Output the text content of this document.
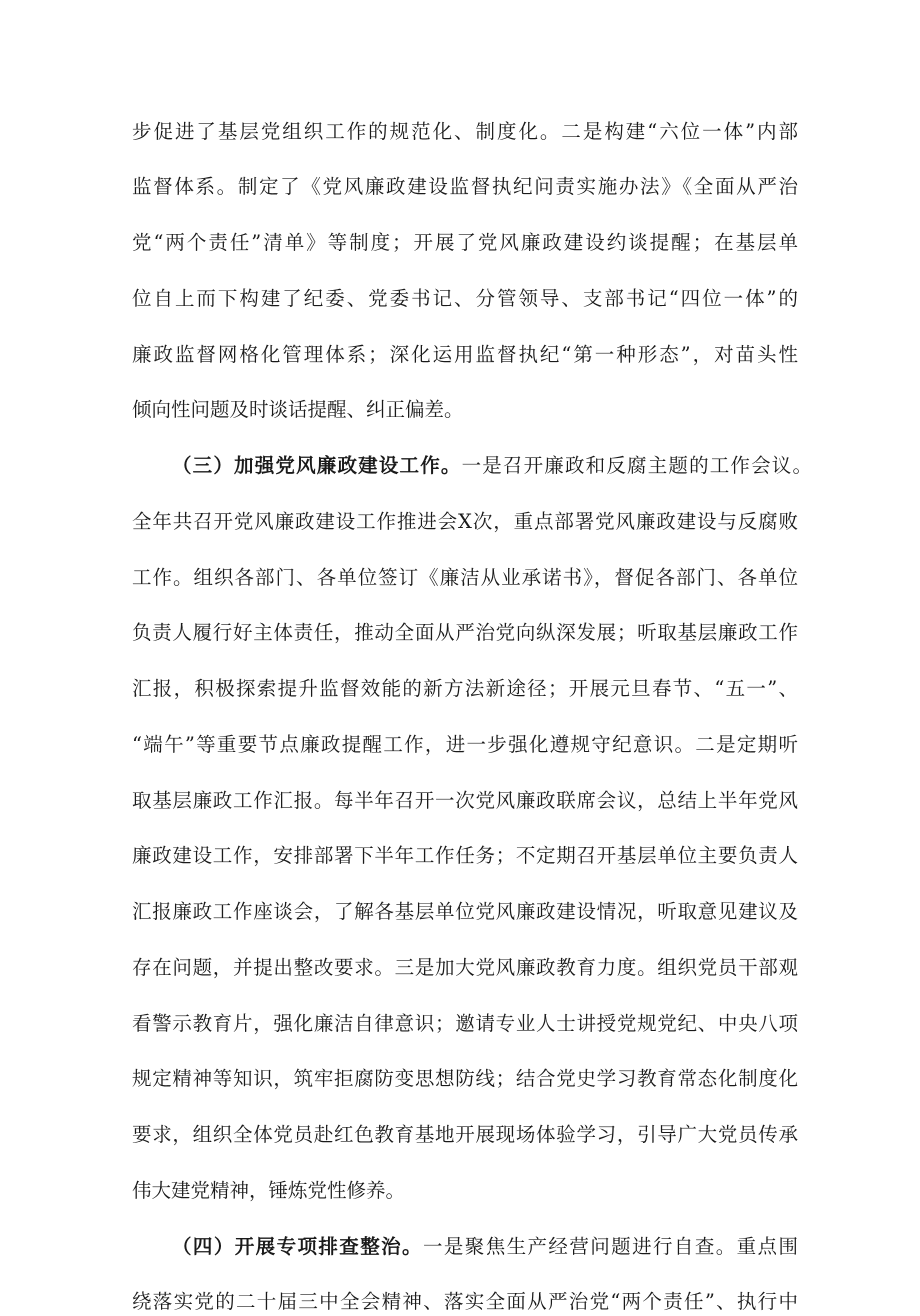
步促进了基层党组织工作的规范化、制度化。二是构建“六位一体”内部
监督体系。制定了《党风廉政建设监督执纪问责实施办法》《全面从严治
党“两个责任”清单》等制度；开展了党风廉政建设约谈提醒；在基层单
位自上而下构建了纪委、党委书记、分管领导、支部书记“四位一体”的
廉政监督网格化管理体系；深化运用监督执纪“第一种形态”，对苗头性
倾向性问题及时谈话提醒、纠正偏差。
（三）加强党风廉政建设工作。一是召开廉政和反腐主题的工作会议。
全年共召开党风廉政建设工作推进会X次，重点部署党风廉政建设与反腐败
工作。组织各部门、各单位签订《廉洁从业承诺书》，督促各部门、各单位
负责人履行好主体责任，推动全面从严治党向纵深发展；听取基层廉政工作
汇报，积极探索提升监督效能的新方法新途径；开展元旦春节、“五一”、
“端午”等重要节点廉政提醒工作，进一步强化遵规守纪意识。二是定期听
取基层廉政工作汇报。每半年召开一次党风廉政联席会议，总结上半年党风
廉政建设工作，安排部署下半年工作任务；不定期召开基层单位主要负责人
汇报廉政工作座谈会，了解各基层单位党风廉政建设情况，听取意见建议及
存在问题，并提出整改要求。三是加大党风廉政教育力度。组织党员干部观
看警示教育片，强化廉洁自律意识；邀请专业人士讲授党规党纪、中央八项
规定精神等知识，筑牢拒腐防变思想防线；结合党史学习教育常态化制度化
要求，组织全体党员赴红色教育基地开展现场体验学习，引导广大党员传承
伟大建党精神，锤炼党性修养。
（四）开展专项排查整治。一是聚焦生产经营问题进行自查。重点围
绕落实党的二十届三中全会精神、落实全面从严治党“两个责任”、执行中
